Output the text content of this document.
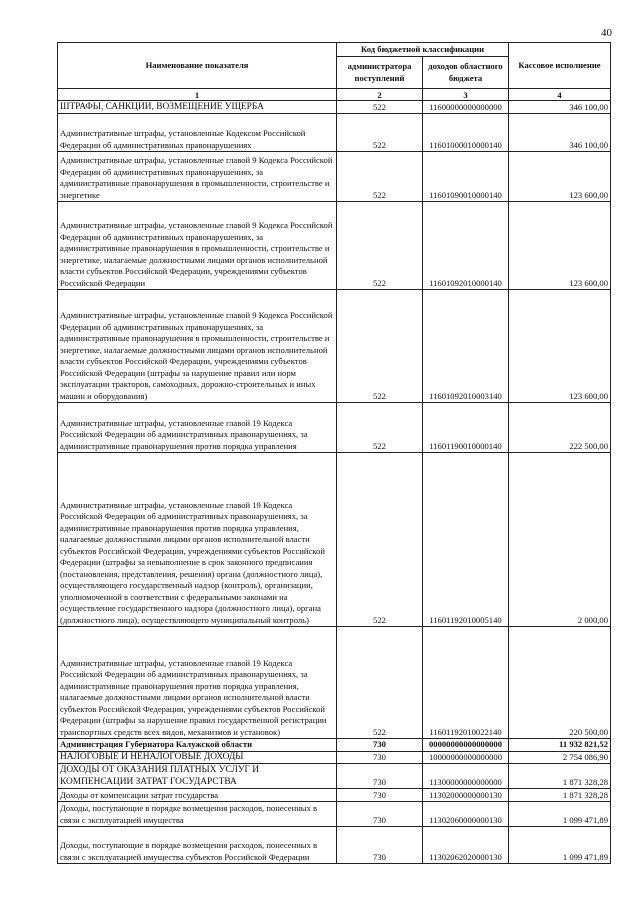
40
Наименование показателя	Код бюджетной классификации		Кассовое исполнение
	администратора поступлений	доходов областного бюджета	
1	2	3	4
ШТРАФЫ, САНКЦИИ, ВОЗМЕЩЕНИЕ УЩЕРБА	522	11600000000000000	346 100,00
Административные штрафы, установленные Кодексом Российской Федерации об административных правонарушениях	522	11601000010000140	346 100,00
Административные штрафы, установленные главой 9 Кодекса Российской Федерации об административных правонарушениях, за административные правонарушения в промышленности, строительстве и энергетике	522	11601090010000140	123 600,00
Административные штрафы, установленные главой 9 Кодекса Российской Федерации об административных правонарушениях, за административные правонарушения в промышленности, строительстве и энергетике, налагаемые должностными лицами органов исполнительной власти субъектов Российской Федерации, учреждениями субъектов Российской Федерации	522	11601092010000140	123 600,00
Административные штрафы, установленные главой 9 Кодекса Российской Федерации об административных правонарушениях, за административные правонарушения в промышленности, строительстве и энергетике, налагаемые должностными лицами органов исполнительной власти субъектов Российской Федерации, учреждениями субъектов Российской Федерации (штрафы за нарушение правил или норм эксплуатации тракторов, самоходных, дорожно-строительных и иных машин и оборудования)	522	11601092010003140	123 600,00
Административные штрафы, установленные главой 19 Кодекса Российской Федерации об административных правонарушениях, за административные правонарушения против порядка управления	522	11601190010000140	222 500,00
Административные штрафы, установленные главой 19 Кодекса Российской Федерации об административных правонарушениях, за административные правонарушения против порядка управления, налагаемые должностными лицами органов исполнительной власти субъектов Российской Федерации, учреждениями субъектов Российской Федерации (штрафы за невыполнение в срок законного предписания (постановления, представления, решения) органа (должностного лица), осуществляющего государственный надзор (контроль), организации, уполномоченной в соответствии с федеральными законами на осуществление государственного надзора (должностного лица), органа (должностного лица), осуществляющего муниципальный контроль)	522	11601192010005140	2 000,00
Административные штрафы, установленные главой 19 Кодекса Российской Федерации об административных правонарушениях, за административные правонарушения против порядка управления, налагаемые должностными лицами органов исполнительной власти субъектов Российской Федерации, учреждениями субъектов Российской Федерации (штрафы за нарушение правил государственной регистрации транспортных средств всех видов, механизмов и установок)	522	11601192010022140	220 500,00
Администрация Губернатора Калужской области	730	00000000000000000	11 932 821,52
НАЛОГОВЫЕ И НЕНАЛОГОВЫЕ ДОХОДЫ	730	10000000000000000	2 754 086,90
ДОХОДЫ ОТ ОКАЗАНИЯ ПЛАТНЫХ УСЛУГ И КОМПЕНСАЦИИ ЗАТРАТ ГОСУДАРСТВА	730	11300000000000000	1 871 328,28
Доходы от компенсации затрат государства	730	11302000000000130	1 871 328,28
Доходы, поступающие в порядке возмещения расходов, понесенных в связи с эксплуатацией имущества	730	11302060000000130	1 099 471,89
Доходы, поступающие в порядке возмещения расходов, понесенных в связи с эксплуатацией имущества субъектов Российской Федерации	730	11302062020000130	1 099 471,89
